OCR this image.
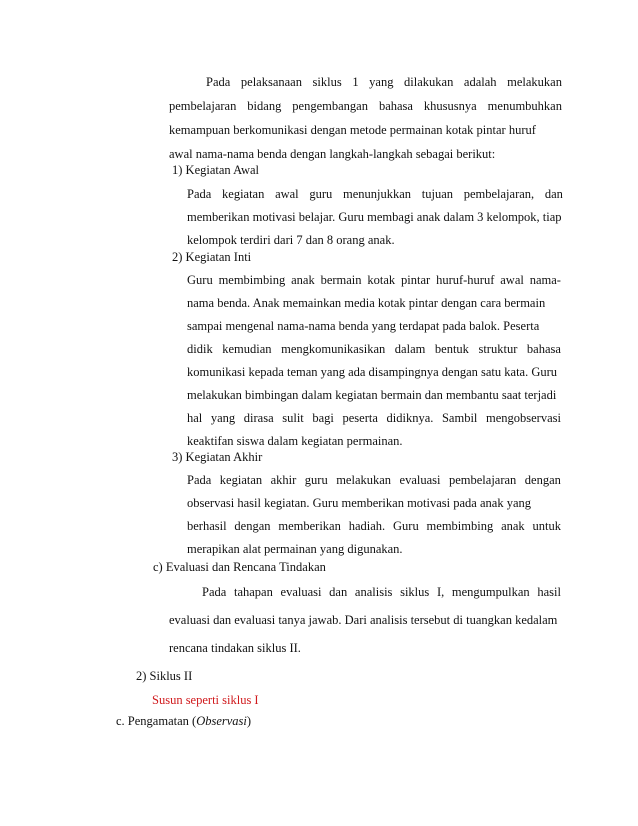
Pada pelaksanaan siklus 1 yang dilakukan adalah melakukan
pembelajaran bidang pengembangan bahasa khususnya menumbuhkan
kemampuan berkomunikasi dengan metode permainan kotak pintar huruf
awal nama-nama benda dengan langkah-langkah sebagai berikut:
1) Kegiatan Awal
Pada kegiatan awal guru menunjukkan tujuan pembelajaran, dan
memberikan motivasi belajar. Guru membagi anak dalam 3 kelompok, tiap
kelompok terdiri dari 7 dan 8 orang anak.
2) Kegiatan Inti
Guru membimbing anak bermain kotak pintar huruf-huruf awal nama-
nama benda. Anak memainkan media kotak pintar dengan cara bermain
sampai mengenal nama-nama benda yang terdapat pada balok. Peserta
didik kemudian mengkomunikasikan dalam bentuk struktur bahasa
komunikasi kepada teman yang ada disampingnya dengan satu kata. Guru
melakukan bimbingan dalam kegiatan bermain dan membantu saat terjadi
hal yang dirasa sulit bagi peserta didiknya. Sambil mengobservasi
keaktifan siswa dalam kegiatan permainan.
3) Kegiatan Akhir
Pada kegiatan akhir guru melakukan evaluasi pembelajaran dengan
observasi hasil kegiatan. Guru memberikan motivasi pada anak yang
berhasil dengan memberikan hadiah. Guru membimbing anak untuk
merapikan alat permainan yang digunakan.
c) Evaluasi dan Rencana Tindakan
Pada tahapan evaluasi dan analisis siklus I, mengumpulkan hasil
evaluasi dan evaluasi tanya jawab. Dari analisis tersebut di tuangkan kedalam
rencana tindakan siklus II.
2) Siklus II
Susun seperti siklus I
c. Pengamatan (Observasi)
